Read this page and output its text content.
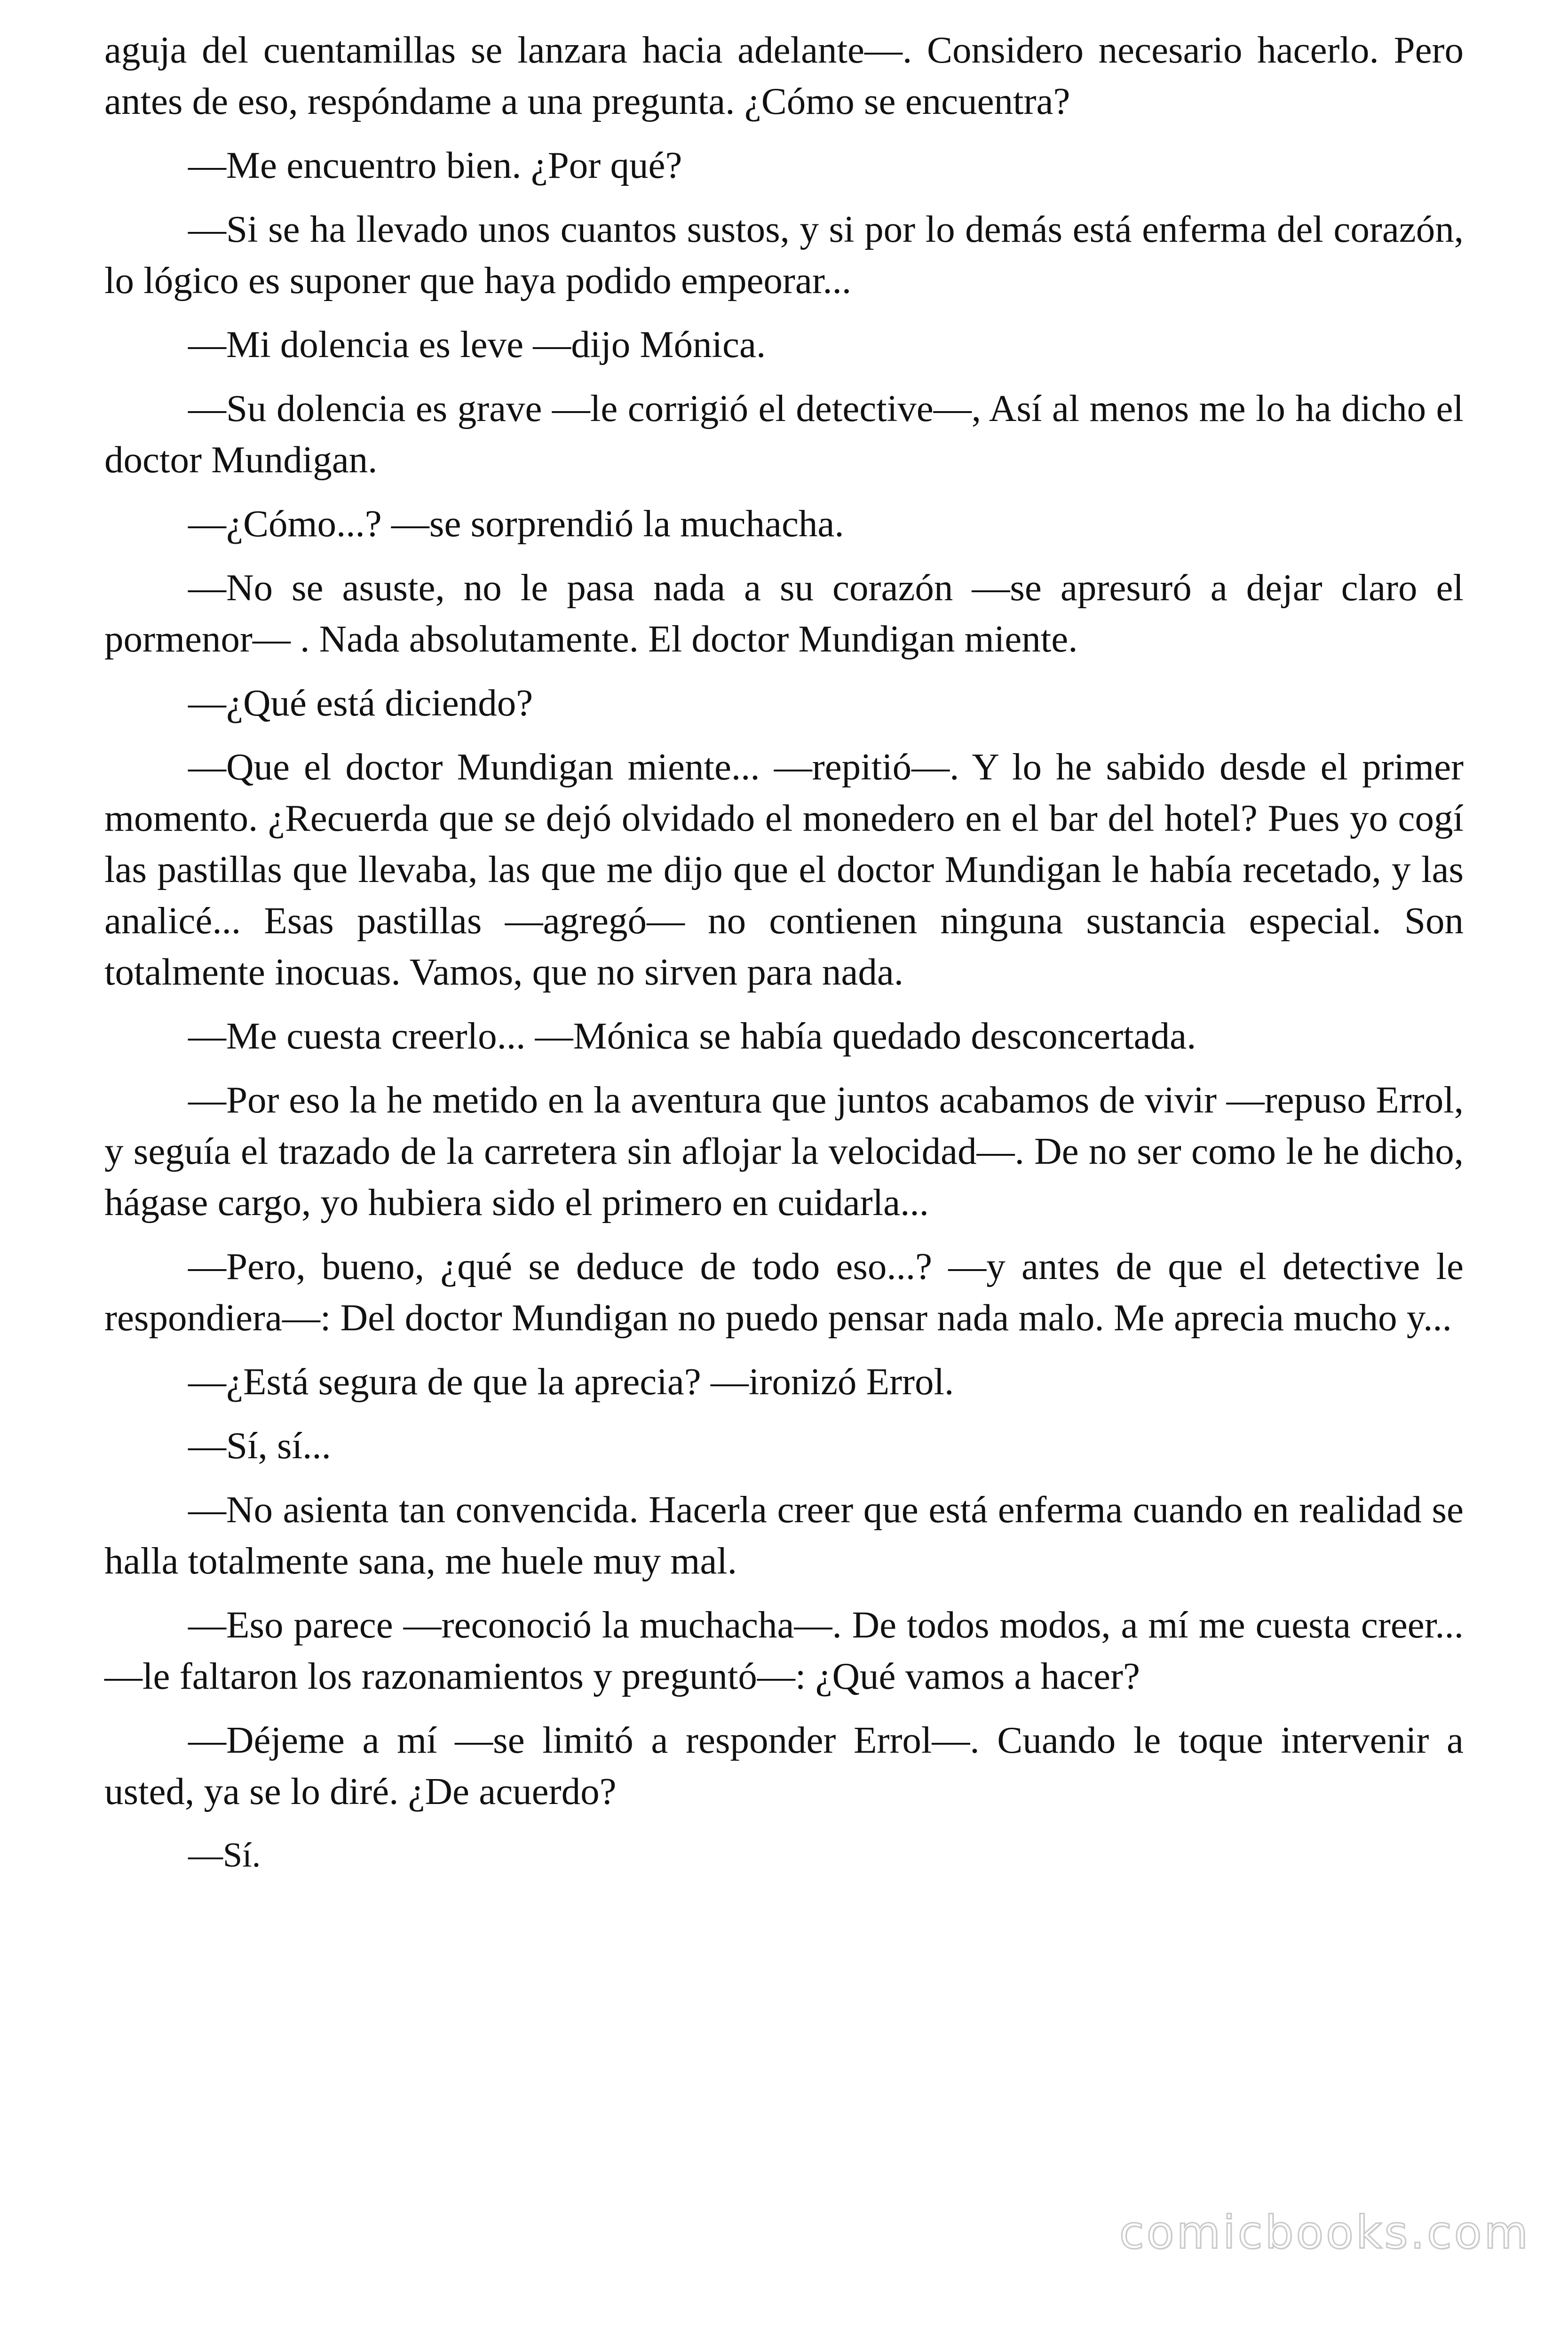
aguja del cuentamillas se lanzara hacia adelante—. Considero necesario hacerlo. Pero antes de eso, respóndame a una pregunta. ¿Cómo se encuentra?

—Me encuentro bien. ¿Por qué?

—Si se ha llevado unos cuantos sustos, y si por lo demás está enferma del corazón, lo lógico es suponer que haya podido empeorar...

—Mi dolencia es leve —dijo Mónica.

—Su dolencia es grave —le corrigió el detective—, Así al menos me lo ha dicho el doctor Mundigan.

—¿Cómo...? —se sorprendió la muchacha.

—No se asuste, no le pasa nada a su corazón —se apresuró a dejar claro el pormenor— . Nada absolutamente. El doctor Mundigan miente.

—¿Qué está diciendo?

—Que el doctor Mundigan miente... —repitió—. Y lo he sabido desde el primer momento. ¿Recuerda que se dejó olvidado el monedero en el bar del hotel? Pues yo cogí las pastillas que llevaba, las que me dijo que el doctor Mundigan le había recetado, y las analicé... Esas pastillas —agregó— no contienen ninguna sustancia especial. Son totalmente inocuas. Vamos, que no sirven para nada.

—Me cuesta creerlo... —Mónica se había quedado desconcertada.

—Por eso la he metido en la aventura que juntos acabamos de vivir —repuso Errol, y seguía el trazado de la carretera sin aflojar la velocidad—. De no ser como le he dicho, hágase cargo, yo hubiera sido el primero en cuidarla...

—Pero, bueno, ¿qué se deduce de todo eso...? —y antes de que el detective le respondiera—: Del doctor Mundigan no puedo pensar nada malo. Me aprecia mucho y...

—¿Está segura de que la aprecia? —ironizó Errol.

—Sí, sí...

—No asienta tan convencida. Hacerla creer que está enferma cuando en realidad se halla totalmente sana, me huele muy mal.

—Eso parece —reconoció la muchacha—. De todos modos, a mí me cuesta creer... —le faltaron los razonamientos y preguntó—: ¿Qué vamos a hacer?

—Déjeme a mí —se limitó a responder Errol—. Cuando le toque intervenir a usted, ya se lo diré. ¿De acuerdo?

—Sí.

comicbooks.com
